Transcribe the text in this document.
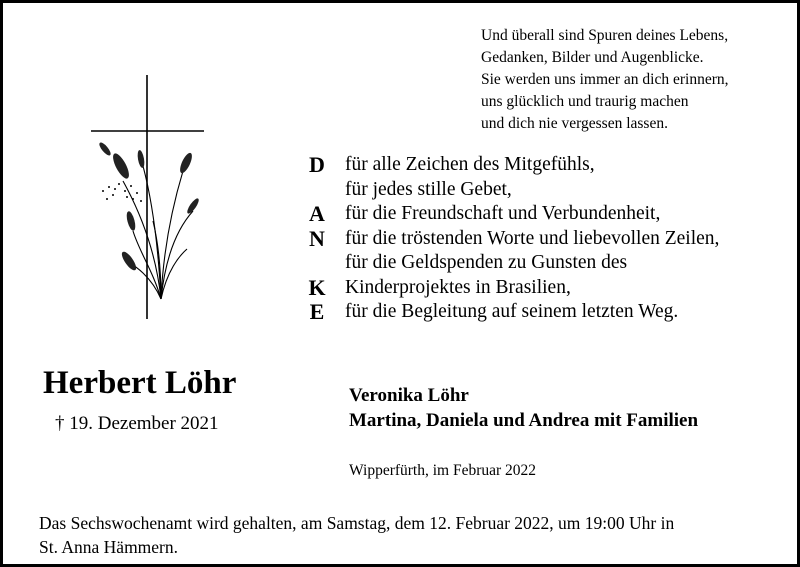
Und überall sind Spuren deines Lebens,
Gedanken, Bilder und Augenblicke.
Sie werden uns immer an dich erinnern,
uns glücklich und traurig machen
und dich nie vergessen lassen.
D für alle Zeichen des Mitgefühls,
für jedes stille Gebet,
A für die Freundschaft und Verbundenheit,
N für die tröstenden Worte und liebevollen Zeilen,
für die Geldspenden zu Gunsten des
K Kinderprojektes in Brasilien,
E für die Begleitung auf seinem letzten Weg.
Herbert Löhr
† 19. Dezember 2021
Veronika Löhr
Martina, Daniela und Andrea mit Familien
Wipperfürth, im Februar 2022
Das Sechswochenamt wird gehalten, am Samstag, dem 12. Februar 2022, um 19:00 Uhr in
St. Anna Hämmern.
